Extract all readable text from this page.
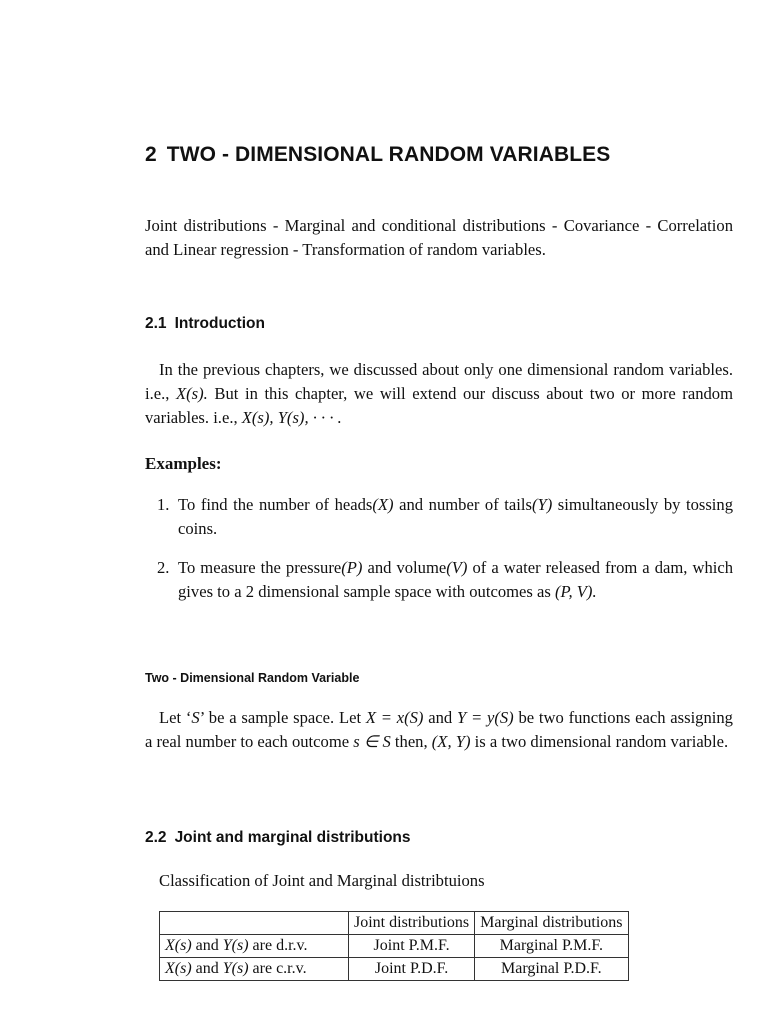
2 TWO - DIMENSIONAL RANDOM VARIABLES

Joint distributions - Marginal and conditional distributions - Covariance - Correlation and Linear regression - Transformation of random variables.

2.1 Introduction

In the previous chapters, we discussed about only one dimensional random variables. i.e., X(s). But in this chapter, we will extend our discuss about two or more random variables. i.e., X(s), Y(s), · · · .

Examples:
1. To find the number of heads(X) and number of tails(Y) simultaneously by tossing coins.
2. To measure the pressure(P) and volume(V) of a water released from a dam, which gives to a 2 dimensional sample space with outcomes as (P, V).
Two - Dimensional Random Variable

Let ‘S’ be a sample space. Let X = x(S) and Y = y(S) be two functions each assigning a real number to each outcome s ∈ S then, (X, Y) is a two dimensional random variable.

2.2 Joint and marginal distributions
Classification of Joint and Marginal distribtuions
	Joint distributions	Marginal distributions
X(s) and Y(s) are d.r.v.	Joint P.M.F.	Marginal P.M.F.
X(s) and Y(s) are c.r.v.	Joint P.D.F.	Marginal P.D.F.
